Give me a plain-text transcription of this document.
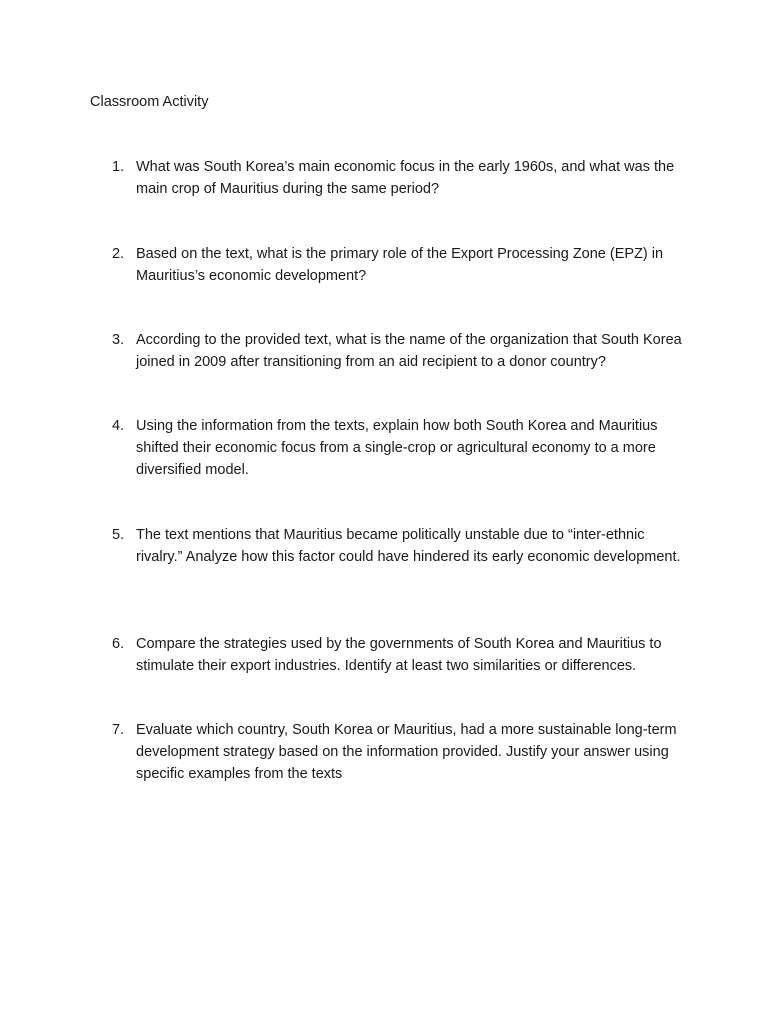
Classroom Activity
1. What was South Korea’s main economic focus in the early 1960s, and what was the main crop of Mauritius during the same period?

2. Based on the text, what is the primary role of the Export Processing Zone (EPZ) in Mauritius’s economic development?

3. According to the provided text, what is the name of the organization that South Korea joined in 2009 after transitioning from an aid recipient to a donor country?

4. Using the information from the texts, explain how both South Korea and Mauritius shifted their economic focus from a single-crop or agricultural economy to a more diversified model.

5. The text mentions that Mauritius became politically unstable due to “inter-ethnic rivalry.” Analyze how this factor could have hindered its early economic development.

6. Compare the strategies used by the governments of South Korea and Mauritius to stimulate their export industries. Identify at least two similarities or differences.

7. Evaluate which country, South Korea or Mauritius, had a more sustainable long-term development strategy based on the information provided. Justify your answer using specific examples from the texts
